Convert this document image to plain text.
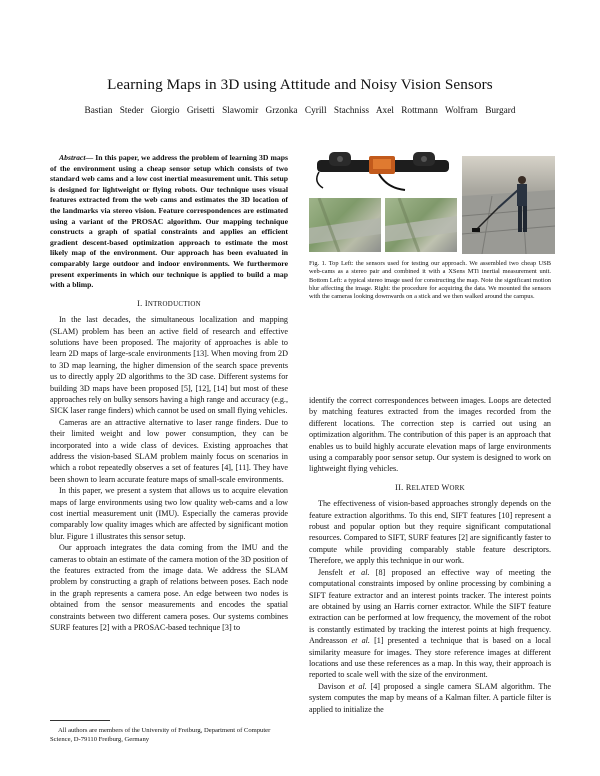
Learning Maps in 3D using Attitude and Noisy Vision Sensors
Bastian Steder Giorgio Grisetti Slawomir Grzonka Cyrill Stachniss Axel Rottmann Wolfram Burgard

Abstract— In this paper, we address the problem of learning 3D maps of the environment using a cheap sensor setup which consists of two standard web cams and a low cost inertial measurement unit. This setup is designed for lightweight or flying robots. Our technique uses visual features extracted from the web cams and estimates the 3D location of the landmarks via stereo vision. Feature correspondences are estimated using a variant of the PROSAC algorithm. Our mapping technique constructs a graph of spatial constraints and applies an efficient gradient descent-based optimization approach to estimate the most likely map of the environment. Our approach has been evaluated in comparably large outdoor and indoor environments. We furthermore present experiments in which our technique is applied to build a map with a blimp.

I. INTRODUCTION

In the last decades, the simultaneous localization and mapping (SLAM) problem has been an active field of research and effective solutions have been proposed. The majority of approaches is able to learn 2D maps of large-scale environments [13]. When moving from 2D to 3D map learning, the higher dimension of the search space prevents us to directly apply 2D algorithms to the 3D case. Different systems for building 3D maps have been proposed [5], [12], [14] but most of these approaches rely on bulky sensors having a high range and accuracy (e.g., SICK laser range finders) which cannot be used on small flying vehicles.

Cameras are an attractive alternative to laser range finders. Due to their limited weight and low power consumption, they can be incorporated into a wide class of devices. Existing approaches that address the vision-based SLAM problem mainly focus on scenarios in which a robot repeatedly observes a set of features [4], [11]. They have been shown to learn accurate feature maps of small-scale environments.

In this paper, we present a system that allows us to acquire elevation maps of large environments using two low quality web-cams and a low cost inertial measurement unit (IMU). Especially the cameras provide comparably low quality images which are affected by significant motion blur. Figure 1 illustrates this sensor setup.

Our approach integrates the data coming from the IMU and the cameras to obtain an estimate of the camera motion of the 3D position of the features extracted from the image data. We address the SLAM problem by constructing a graph of relations between poses. Each node in the graph represents a camera pose. An edge between two nodes is obtained from the sensor measurements and encodes the spatial constraints between two different camera poses. Our systems combines SURF features [2] with a PROSAC-based technique [3] to

All authors are members of the University of Freiburg, Department of Computer Science, D-79110 Freiburg, Germany

Fig. 1. Top Left: the sensors used for testing our approach. We assembled two cheap USB web-cams as a stereo pair and combined it with a XSens MTi inertial measurement unit. Bottom Left: a typical stereo image used for constructing the map. Note the significant motion blur affecting the image. Right: the procedure for acquiring the data. We mounted the sensors with the cameras looking downwards on a stick and we then walked around the campus.

identify the correct correspondences between images. Loops are detected by matching features extracted from the images recorded from the different locations. The correction step is carried out using an optimization algorithm. The contribution of this paper is an approach that enables us to build highly accurate elevation maps of large environments using a comparably poor sensor setup. Our system is designed to work on lightweight flying vehicles.

II. RELATED WORK

The effectiveness of vision-based approaches strongly depends on the feature extraction algorithms. To this end, SIFT features [10] represent a robust and popular option but they require significant computational resources. Compared to SIFT, SURF features [2] are significantly faster to compute while providing comparably stable feature descriptors. Therefore, we apply this technique in our work.

Jensfelt et al. [8] proposed an effective way of meeting the computational constraints imposed by online processing by combining a SIFT feature extractor and an interest points tracker. The interest points are obtained by using an Harris corner extractor. While the SIFT feature extraction can be performed at low frequency, the movement of the robot is constantly estimated by tracking the interest points at high frequency. Andreasson et al. [1] presented a technique that is based on a local similarity measure for images. They store reference images at different locations and use these references as a map. In this way, their approach is reported to scale well with the size of the environment.

Davison et al. [4] proposed a single camera SLAM algorithm. The system computes the map by means of a Kalman filter. A particle filter is applied to initialize the
